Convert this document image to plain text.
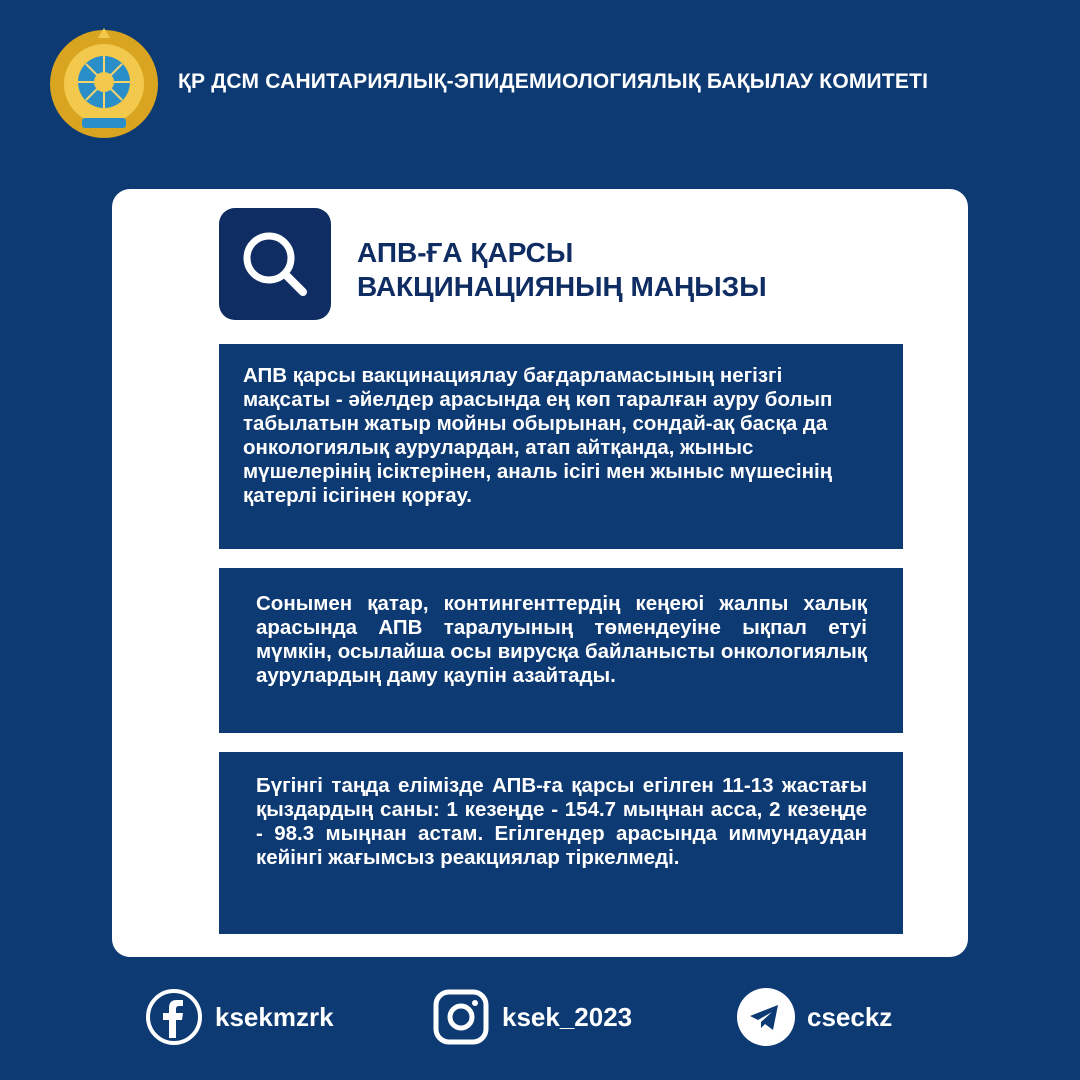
ҚР ДСМ САНИТАРИЯЛЫҚ-ЭПИДЕМИОЛОГИЯЛЫҚ БАҚЫЛАУ КОМИТЕТІ
АПВ-ҒА ҚАРСЫ
ВАКЦИНАЦИЯНЫҢ МАҢЫЗЫ
АПВ қарсы вакцинациялау бағдарламасының негізгі мақсаты - әйелдер арасында ең көп таралған ауру болып табылатын жатыр мойны обырынан, сондай-ақ басқа да онкологиялық аурулардан, атап айтқанда, жыныс мүшелерінің ісіктерінен, аналь ісігі мен жыныс мүшесінің қатерлі ісігінен қорғау.
Сонымен қатар, контингенттердің кеңеюі жалпы халық арасында АПВ таралуының төмендеуіне ықпал етуі мүмкін, осылайша осы вирусқа байланысты онкологиялық аурулардың даму қаупін азайтады.
Бүгінгі таңда елімізде АПВ-ға қарсы егілген 11-13 жастағы қыздардың саны: 1 кезеңде - 154.7 мыңнан асса, 2 кезеңде - 98.3 мыңнан астам. Егілгендер арасында иммундаудан кейінгі жағымсыз реакциялар тіркелмеді.
ksekmzrk	ksek_2023	cseckz
